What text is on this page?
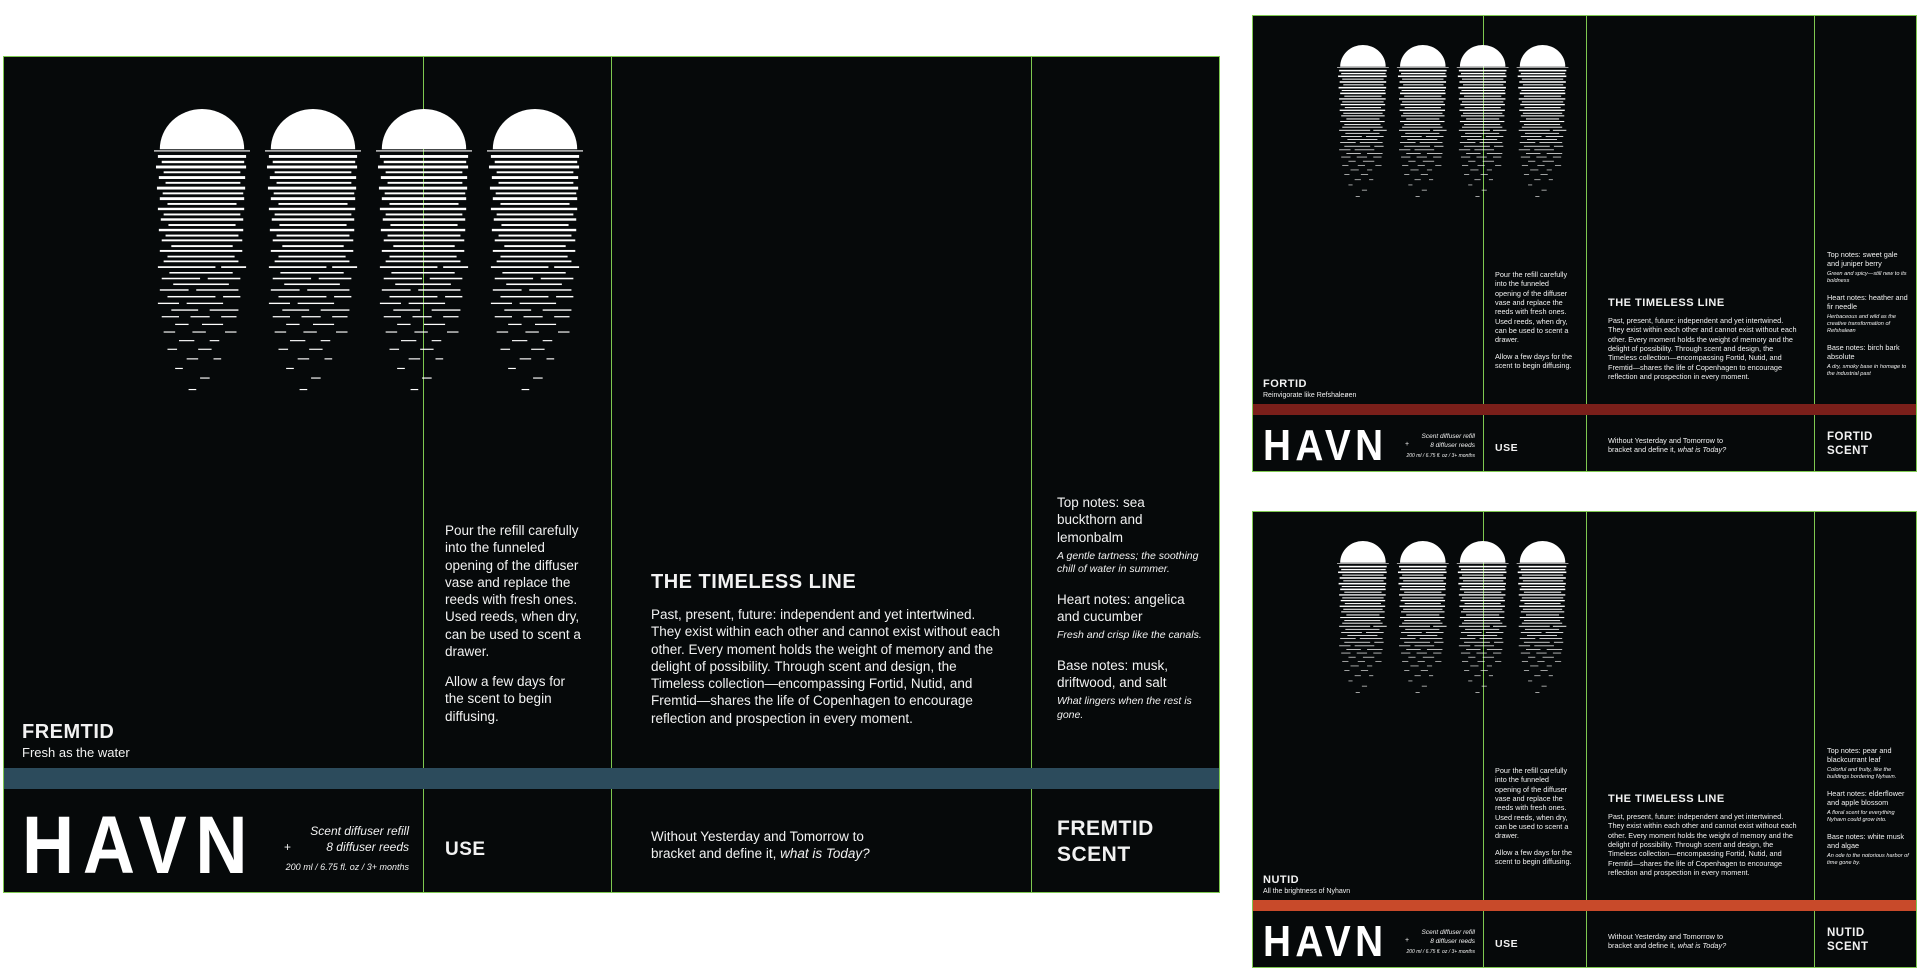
FREMTID
Fresh as the water
Pour the refill carefully into the funneled opening of the diffuser vase and replace the reeds with fresh ones. Used reeds, when dry, can be used to scent a drawer.
Allow a few days for the scent to begin diffusing.
THE TIMELESS LINE
Past, present, future: independent and yet intertwined. They exist within each other and cannot exist without each other. Every moment holds the weight of memory and the delight of possibility. Through scent and design, the Timeless collection—encompassing Fortid, Nutid, and Fremtid—shares the life of Copenhagen to encourage reflection and prospection in every moment.
Top notes: sea buckthorn and lemonbalm
A gentle tartness; the soothing chill of water in summer.
Heart notes: angelica and cucumber
Fresh and crisp like the canals.
Base notes: musk, driftwood, and salt
What lingers when the rest is gone.
HAVN +
Scent diffuser refill
8 diffuser reeds
200 ml / 6.75 fl. oz / 3+ months
USE
Without Yesterday and Tomorrow to bracket and define it, what is Today?
FREMTID
SCENT
FORTID
Reinvigorate like Refshaleøen
Pour the refill carefully into the funneled opening of the diffuser vase and replace the reeds with fresh ones. Used reeds, when dry, can be used to scent a drawer.
Allow a few days for the scent to begin diffusing.
THE TIMELESS LINE
Past, present, future: independent and yet intertwined. They exist within each other and cannot exist without each other. Every moment holds the weight of memory and the delight of possibility. Through scent and design, the Timeless collection—encompassing Fortid, Nutid, and Fremtid—shares the life of Copenhagen to encourage reflection and prospection in every moment.
Top notes: sweet gale and juniper berry
Green and spicy—still new to its boldness
Heart notes: heather and fir needle
Herbaceous and wild as the creative transformation of Refshaleøn
Base notes: birch bark absolute
A dry, smoky base in homage to the industrial past
HAVN	+
Scent diffuser refill
8 diffuser reeds
200 ml / 6.75 fl. oz / 3+ months
USE
Without Yesterday and Tomorrow to bracket and define it, what is Today?
FORTID
SCENT
NUTID
All the brightness of Nyhavn
Pour the refill carefully into the funneled opening of the diffuser vase and replace the reeds with fresh ones. Used reeds, when dry, can be used to scent a drawer.
Allow a few days for the scent to begin diffusing.
THE TIMELESS LINE
Past, present, future: independent and yet intertwined. They exist within each other and cannot exist without each other. Every moment holds the weight of memory and the delight of possibility. Through scent and design, the Timeless collection—encompassing Fortid, Nutid, and Fremtid—shares the life of Copenhagen to encourage reflection and prospection in every moment.
Top notes: pear and blackcurrant leaf
Colorful and fruity, like the buildings bordering Nyhavn.
Heart notes: elderflower and apple blossom
A floral scent for everything Nyhavn could grow into.
Base notes: white musk and algae
An ode to the notorious harbor of time gone by.
HAVN	+
Scent diffuser refill
8 diffuser reeds
200 ml / 6.75 fl. oz / 3+ months
USE
Without Yesterday and Tomorrow to bracket and define it, what is Today?
NUTID
SCENT
